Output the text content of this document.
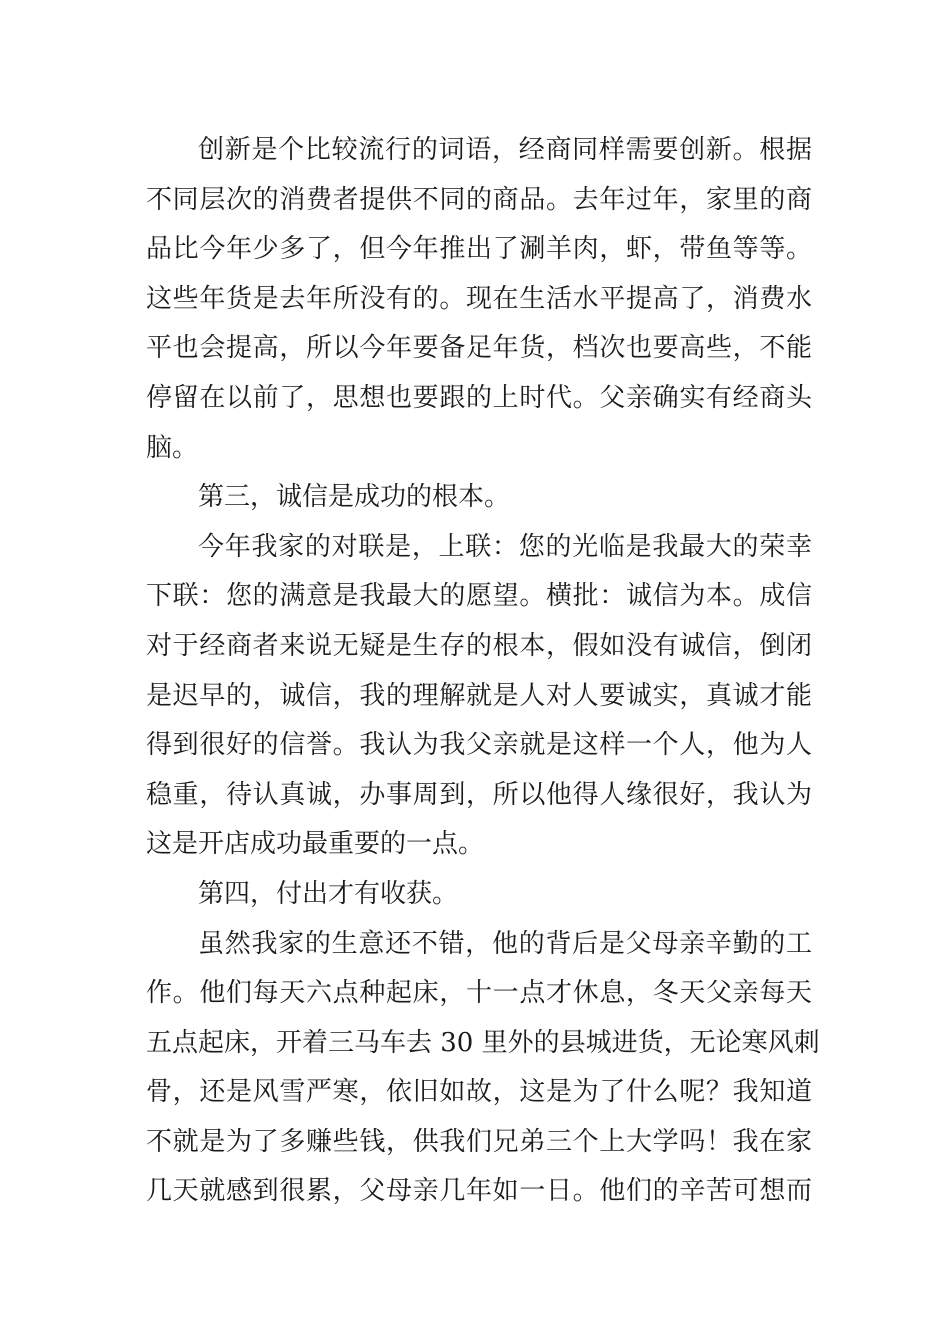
创新是个比较流行的词语，经商同样需要创新。根据
不同层次的消费者提供不同的商品。去年过年，家里的商
品比今年少多了，但今年推出了涮羊肉，虾，带鱼等等。
这些年货是去年所没有的。现在生活水平提高了，消费水
平也会提高，所以今年要备足年货，档次也要高些，不能
停留在以前了，思想也要跟的上时代。父亲确实有经商头
脑。
第三，诚信是成功的根本。
今年我家的对联是，上联：您的光临是我最大的荣幸
下联：您的满意是我最大的愿望。横批：诚信为本。成信
对于经商者来说无疑是生存的根本，假如没有诚信，倒闭
是迟早的，诚信，我的理解就是人对人要诚实，真诚才能
得到很好的信誉。我认为我父亲就是这样一个人，他为人
稳重，待认真诚，办事周到，所以他得人缘很好，我认为
这是开店成功最重要的一点。
第四，付出才有收获。
虽然我家的生意还不错，他的背后是父母亲辛勤的工
作。他们每天六点种起床，十一点才休息，冬天父亲每天
五点起床，开着三马车去 30 里外的县城进货，无论寒风刺
骨，还是风雪严寒，依旧如故，这是为了什么呢？我知道
不就是为了多赚些钱，供我们兄弟三个上大学吗！我在家
几天就感到很累，父母亲几年如一日。他们的辛苦可想而
